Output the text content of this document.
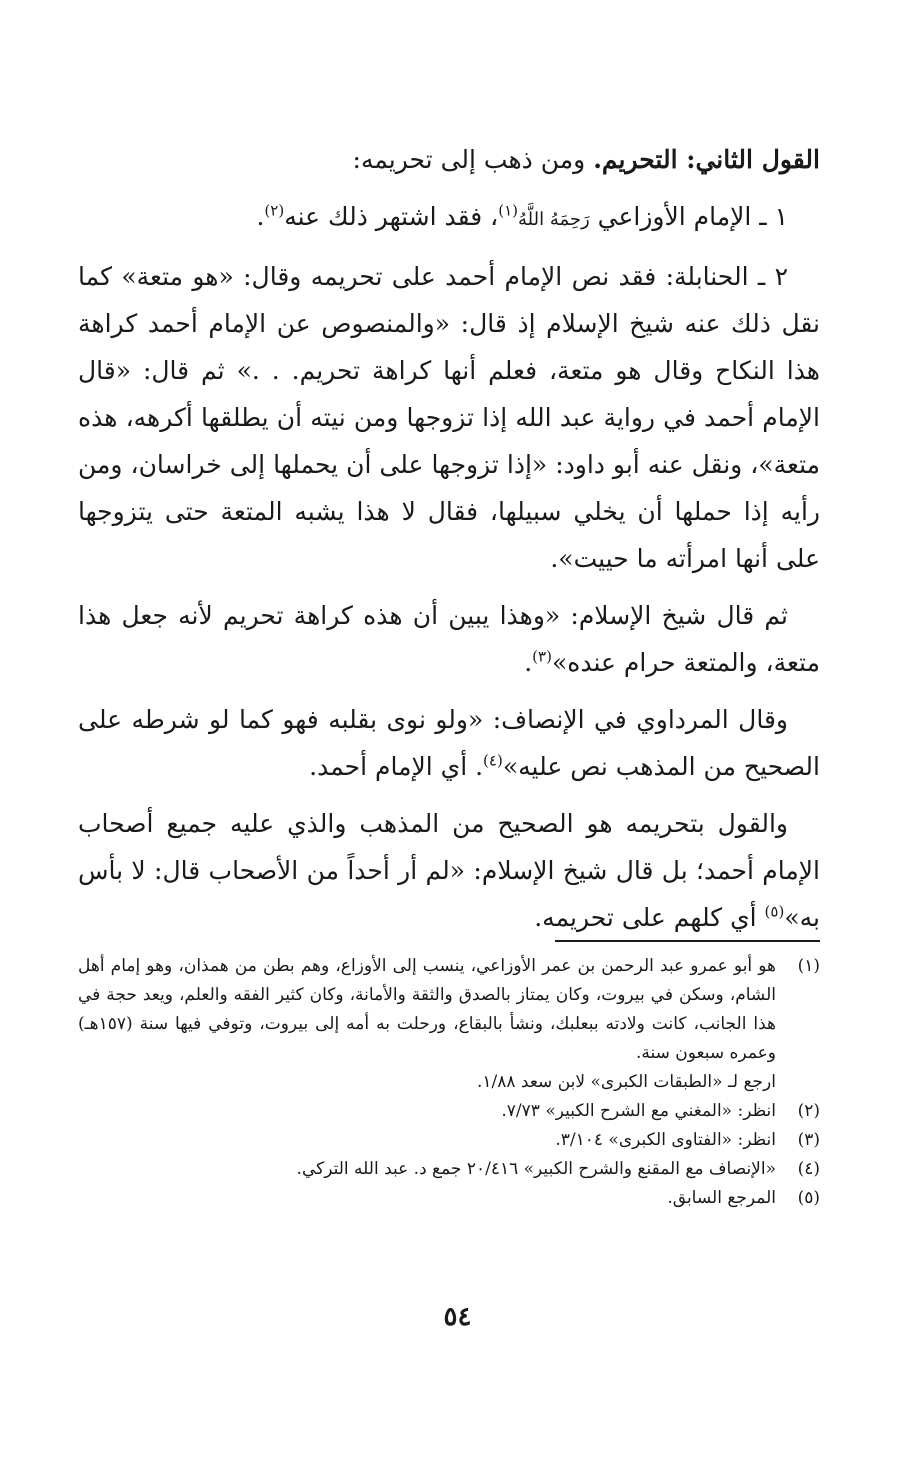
القول الثاني: التحريم. ومن ذهب إلى تحريمه:

١ ـ الإمام الأوزاعي رَحِمَهُ اللَّهُ$^{(١)}$، فقد اشتهر ذلك عنه$^{(٢)}$.

٢ ـ الحنابلة: فقد نص الإمام أحمد على تحريمه وقال: «هو متعة» كما نقل ذلك عنه شيخ الإسلام إذ قال: «والمنصوص عن الإمام أحمد كراهة هذا النكاح وقال هو متعة، فعلم أنها كراهة تحريم. . .» ثم قال: «قال الإمام أحمد في رواية عبد الله إذا تزوجها ومن نيته أن يطلقها أكرهه، هذه متعة»، ونقل عنه أبو داود: «إذا تزوجها على أن يحملها إلى خراسان، ومن رأيه إذا حملها أن يخلي سبيلها، فقال لا هذا يشبه المتعة حتى يتزوجها على أنها امرأته ما حييت».

ثم قال شيخ الإسلام: «وهذا يبين أن هذه كراهة تحريم لأنه جعل هذا متعة، والمتعة حرام عنده»$^{(٣)}$.

وقال المرداوي في الإنصاف: «ولو نوى بقلبه فهو كما لو شرطه على الصحيح من المذهب نص عليه»$^{(٤)}$. أي الإمام أحمد.

والقول بتحريمه هو الصحيح من المذهب والذي عليه جميع أصحاب الإمام أحمد؛ بل قال شيخ الإسلام: «لم أر أحداً من الأصحاب قال: لا بأس به»$^{(٥)}$ أي كلهم على تحريمه.

(١)
هو أبو عمرو عبد الرحمن بن عمر الأوزاعي، ينسب إلى الأوزاع، وهم بطن من همذان، وهو إمام أهل الشام، وسكن في بيروت، وكان يمتاز بالصدق والثقة والأمانة، وكان كثير الفقه والعلم، ويعد حجة في هذا الجانب، كانت ولادته ببعلبك، ونشأ بالبقاع، ورحلت به أمه إلى بيروت، وتوفي فيها سنة (١٥٧هـ) وعمره سبعون سنة.
ارجع لـ «الطبقات الكبرى» لابن سعد ١/٨٨.
(٢)
انظر: «المغني مع الشرح الكبير» ٧/٧٣.
(٣)
انظر: «الفتاوى الكبرى» ٣/١٠٤.
(٤)
«الإنصاف مع المقنع والشرح الكبير» ٢٠/٤١٦ جمع د. عبد الله التركي.
(٥)
المرجع السابق.
٥٤
